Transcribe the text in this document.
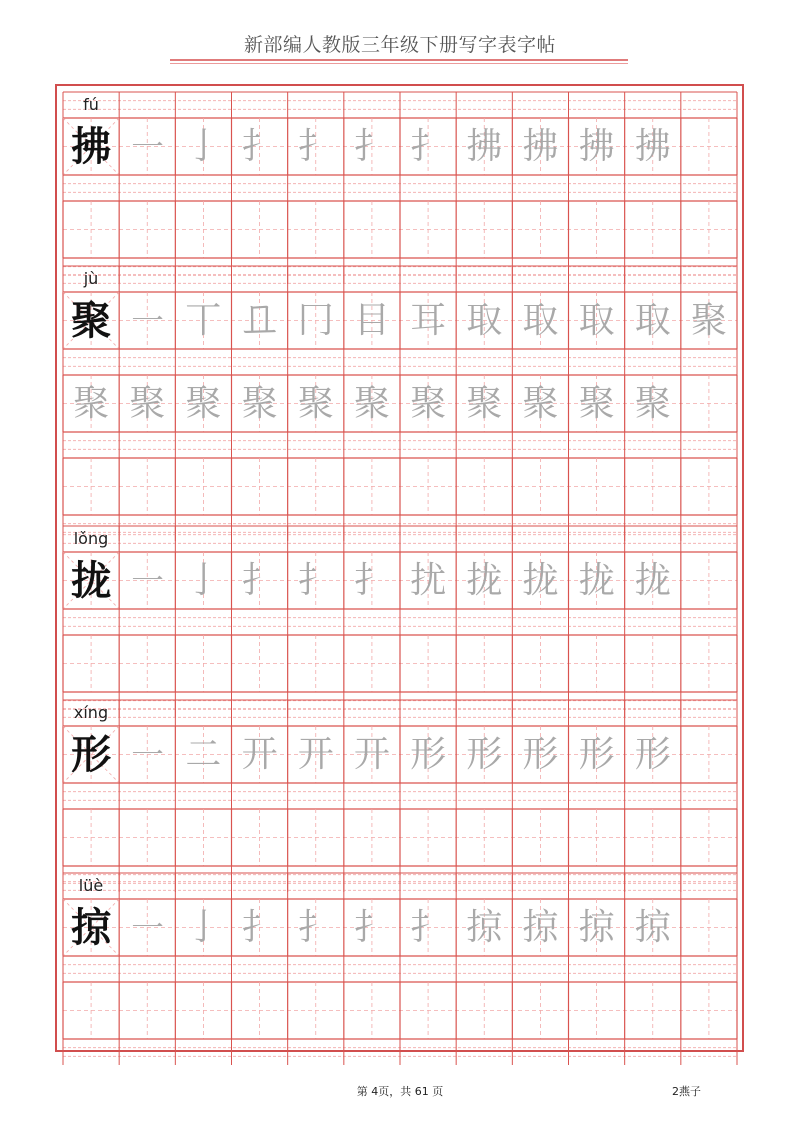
新部编人教版三年级下册写字表字帖
fú
拂 ㇐ 亅 扌 扌 扌 扌 拂 拂 拂 拂
jù
聚 ㇐ 丅 𠀃 冂 目 耳 取 取 取 取 聚
聚 聚 聚 聚 聚 聚 聚 聚 聚 聚 聚
lǒng
拢 ㇐ 亅 扌 扌 扌 扰 拢 拢 拢 拢
xíng
形 ㇐ 二 开 开 开 形 形 形 形 形
lüè
掠 ㇐ 亅 扌 扌 扌 扌 掠 掠 掠 掠
第 4页，共 61 页	2燕子
